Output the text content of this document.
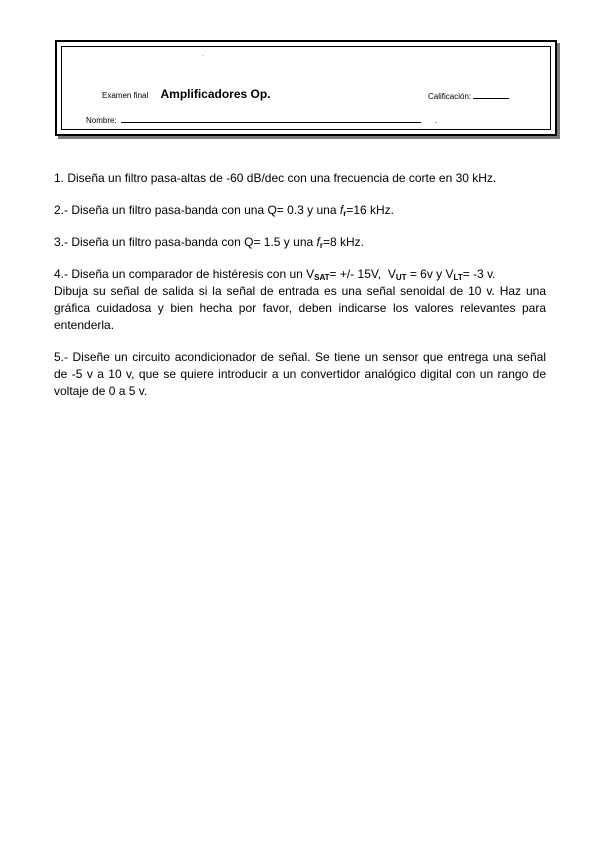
·
Examen final Amplificadores Op.	Calificación:
Nombre:	.

1. Diseña un filtro pasa-altas de -60 dB/dec con una frecuencia de corte en 30 kHz.

2.- Diseña un filtro pasa-banda con una Q= 0.3 y una $f_r=16$ kHz.

3.- Diseña un filtro pasa-banda con Q= 1.5 y una $f_r=8$ kHz.

4.- Diseña un comparador de histéresis con un $V_{SAT}=$ +/- 15V,  $V_{UT} = 6v$ y $V_{LT}= -3$ v.
Dibuja su señal de salida si la señal de entrada es una señal senoidal de 10 v. Haz una gráfica cuidadosa y bien hecha por favor, deben indicarse los valores relevantes para entenderla.

5.- Diseñe un circuito acondicionador de señal. Se tiene un sensor que entrega una señal de -5 v a 10 v, que se quiere introducir a un convertidor analógico digital con un rango de voltaje de 0 a 5 v.
